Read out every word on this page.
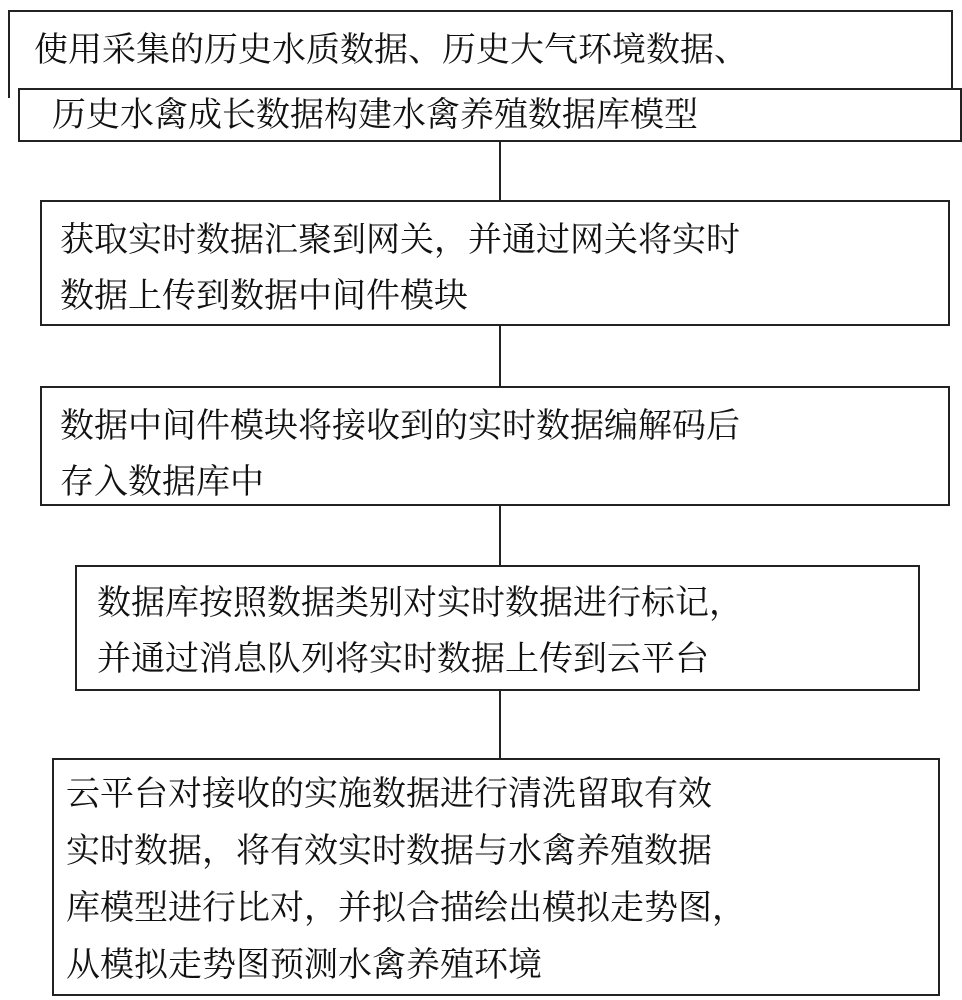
使用采集的历史水质数据、历史大气环境数据、

历史水禽成长数据构建水禽养殖数据库模型

获取实时数据汇聚到网关，并通过网关将实时

数据上传到数据中间件模块

数据中间件模块将接收到的实时数据编解码后

存入数据库中

数据库按照数据类别对实时数据进行标记，

并通过消息队列将实时数据上传到云平台

云平台对接收的实施数据进行清洗留取有效

实时数据，将有效实时数据与水禽养殖数据

库模型进行比对，并拟合描绘出模拟走势图，

从模拟走势图预测水禽养殖环境
